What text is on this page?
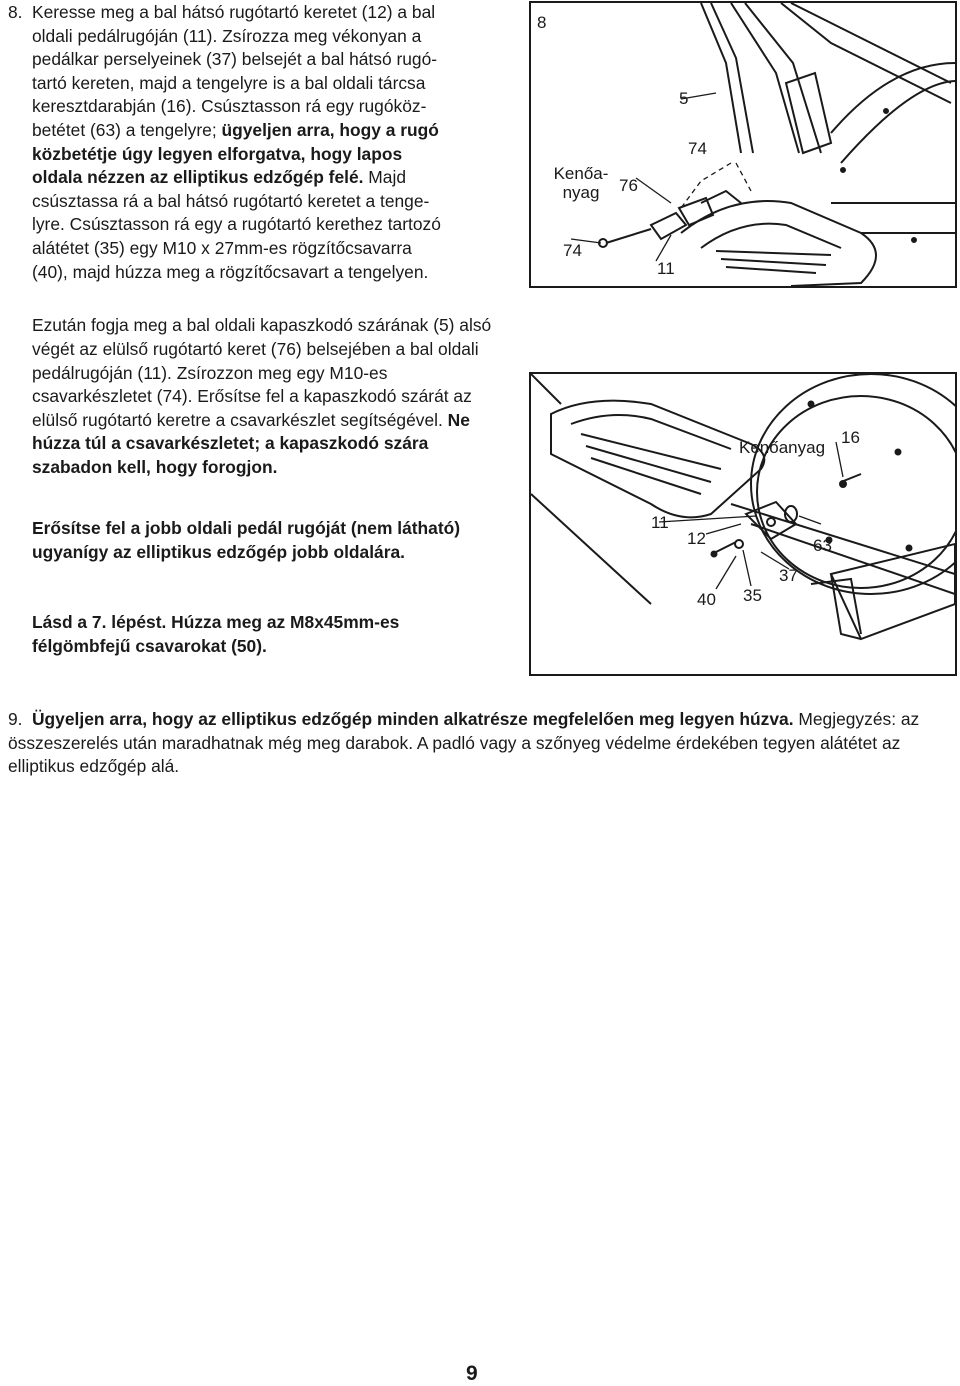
8. Keresse meg a bal hátsó rugótartó keretet (12) a bal
oldali pedálrugóján (11). Zsírozza meg vékonyan a
pedálkar perselyeinek (37) belsejét a bal hátsó rugó-
tartó kereten, majd a tengelyre is a bal oldali tárcsa
keresztdarabján (16). Csúsztasson rá egy rugóköz-
betétet (63) a tengelyre; ügyeljen arra, hogy a rugó
közbetétje úgy legyen elforgatva, hogy lapos
oldala nézzen az elliptikus edzőgép felé. Majd
csúsztassa rá a bal hátsó rugótartó keretet a tenge-
lyre. Csúsztasson rá egy a rugótartó kerethez tartozó
alátétet (35) egy M10 x 27mm-es rögzítőcsavarra
(40), majd húzza meg a rögzítőcsavart a tengelyen.

Ezután fogja meg a bal oldali kapaszkodó szárának (5) alsó végét az elülső rugótartó keret (76) belsejében a bal oldali pedálrugóján (11). Zsírozzon meg egy M10-es csavarkészletet (74). Erősítse fel a kapaszkodó szárát az elülső rugótartó keretre a csavarkészlet segítségével. Ne húzza túl a csavarkészletet; a kapaszkodó szára szabadon kell, hogy forogjon.

Erősítse fel a jobb oldali pedál rugóját (nem látható) ugyanígy az elliptikus edzőgép jobb oldalára.

Lásd a 7. lépést. Húzza meg az M8x45mm-es félgömbfejű csavarokat (50).

8
5
74
76
Kenőa-
nyag
74
11
Kenőanyag
16
11
12	63
37
40 35
9. Ügyeljen arra, hogy az elliptikus edzőgép minden alkatrésze megfelelően meg legyen húzva. Megjegyzés: az összeszerelés után maradhatnak még meg darabok. A padló vagy a szőnyeg védelme érdekében tegyen alátétet az elliptikus edzőgép alá.
9
